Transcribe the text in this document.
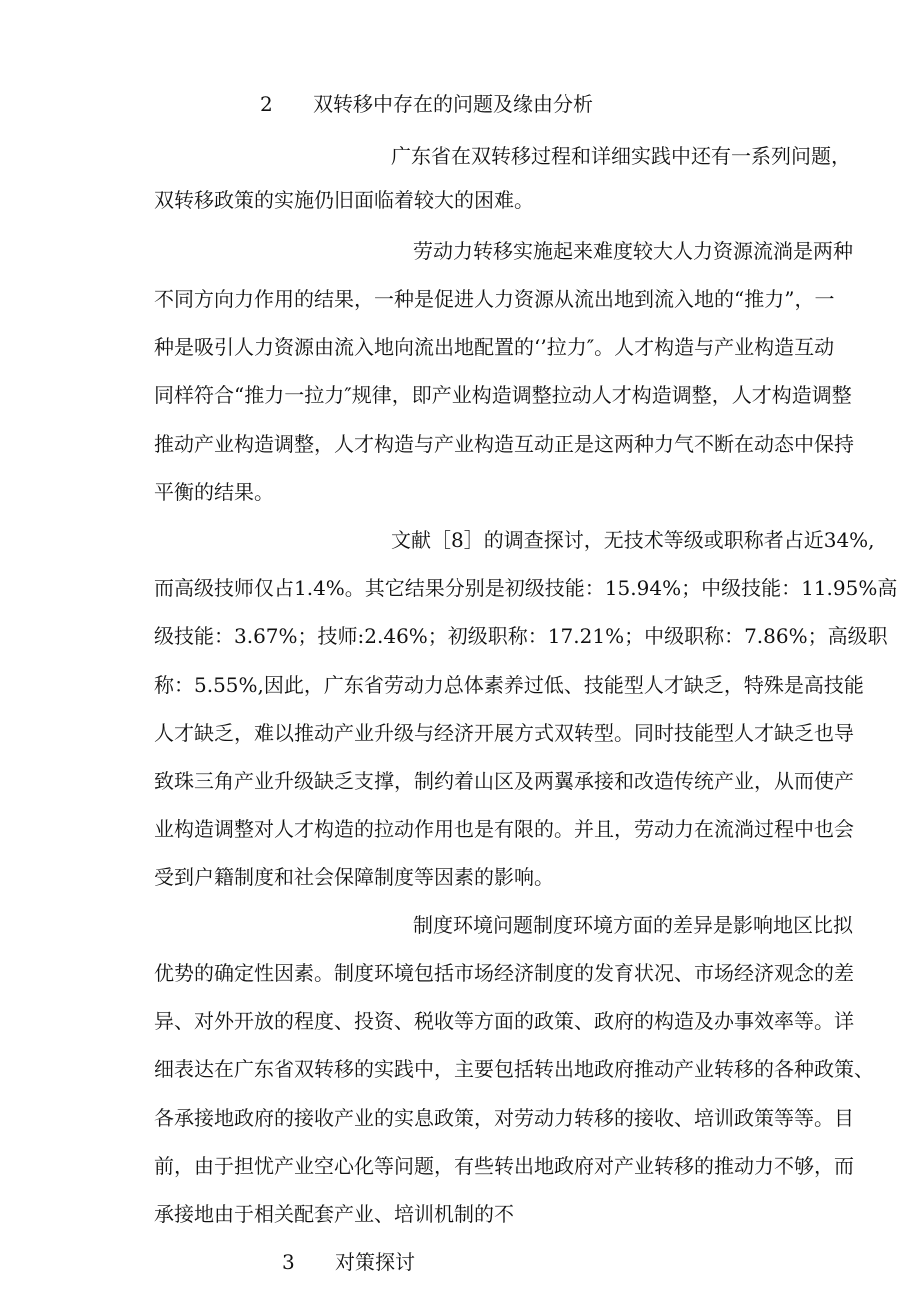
2 双转移中存在的问题及缘由分析
广东省在双转移过程和详细实践中还有一系列问题，
双转移政策的实施仍旧面临着较大的困难。
劳动力转移实施起来难度较大人力资源流淌是两种
不同方向力作用的结果，一种是促进人力资源从流出地到流入地的“推力”，一
种是吸引人力资源由流入地向流出地配置的‘’拉力″。人才构造与产业构造互动
同样符合“推力一拉力″规律，即产业构造调整拉动人才构造调整，人才构造调整
推动产业构造调整，人才构造与产业构造互动正是这两种力气不断在动态中保持
平衡的结果。
文献［8］的调查探讨，无技术等级或职称者占近34%,
而高级技师仅占1.4%。其它结果分别是初级技能：15.94%；中级技能：11.95%高
级技能：3.67%；技师:2.46%；初级职称：17.21%；中级职称：7.86%；高级职
称：5.55%,因此，广东省劳动力总体素养过低、技能型人才缺乏，特殊是高技能
人才缺乏，难以推动产业升级与经济开展方式双转型。同时技能型人才缺乏也导
致珠三角产业升级缺乏支撑，制约着山区及两翼承接和改造传统产业，从而使产
业构造调整对人才构造的拉动作用也是有限的。并且，劳动力在流淌过程中也会
受到户籍制度和社会保障制度等因素的影响。
制度环境问题制度环境方面的差异是影响地区比拟
优势的确定性因素。制度环境包括市场经济制度的发育状况、市场经济观念的差
异、对外开放的程度、投资、税收等方面的政策、政府的构造及办事效率等。详
细表达在广东省双转移的实践中，主要包括转出地政府推动产业转移的各种政策、
各承接地政府的接收产业的实息政策，对劳动力转移的接收、培训政策等等。目
前，由于担忧产业空心化等问题，有些转出地政府对产业转移的推动力不够，而
承接地由于相关配套产业、培训机制的不
3 对策探讨
